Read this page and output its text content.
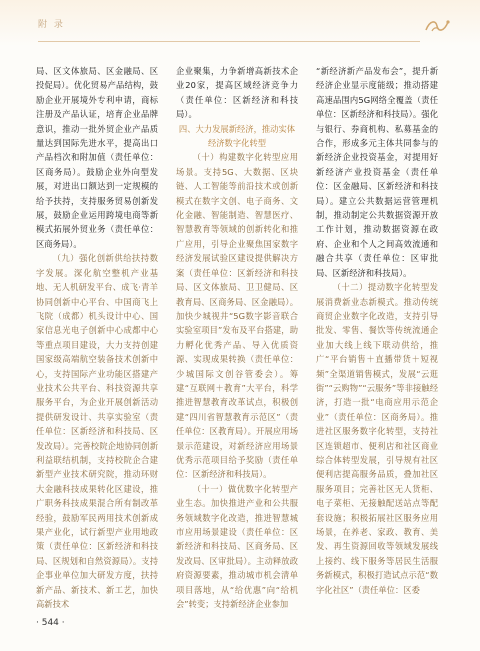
附 录

局、区文体旅局、区金融局、区投促局）。优化贸易产品结构，鼓励企业开展境外专利申请，商标注册及产品认证，培育企业品牌意识，推动一批外贸企业产品质量达到国际先进水平，提高出口产品档次和附加值（责任单位：区商务局）。鼓励企业外向型发展，对进出口额达到一定规模的给予扶持，支持服务贸易创新发展，鼓励企业运用跨境电商等新模式拓展外贸业务（责任单位：区商务局）。

（九）强化创新供给扶持数字发展。深化航空整机产业基地、无人机研发平台、成飞·青羊协同创新中心平台、中国商飞上飞院（成都）机头设计中心、国家信息光电子创新中心成都中心等重点项目建设，大力支持创建国家级高端航空装备技术创新中心，支持国际产业功能区搭建产业技术公共平台、科技资源共享服务平台，为企业开展创新活动提供研发设计、共享实验室（责任单位：区新经济和科技局、区发改局）。完善校院企地协同创新利益联结机制，支持校院企合建新型产业技术研究院，推动环财大金融科技成果转化区建设，推广职务科技成果混合所有制改革经验，鼓励军民两用技术创新成果产业化，试行新型产业用地政策（责任单位：区新经济和科技局、区规划和自然资源局）。支持企事业单位加大研发方度，扶持新产品、新技术、新工艺，加快高新技术

企业聚集，力争新增高新技术企业20家，提高区域经济竞争力（责任单位：区新经济和科技局）。

四、大力发展新经济，推动实体经济数字化转型

（十）构建数字化转型应用场景。支持5G、大数据、区块链、人工智能等前沿技术或创新模式在数字文创、电子商务、文化金融、智能制造、智慧医疗、智慧教育等领域的创新转化和推广应用，引导企业聚焦国家数字经济发展试验区建设提供解决方案（责任单位：区新经济和科技局、区文体旅局、卫卫健局、区教育局、区商务局、区金融局）。加快少城视井“5G数字影音联合实验室项目”发布及平台搭建，助力孵化优秀产品、导入优质资源、实现成果转换（责任单位：少城国际文创谷管委会）。筹建“互联网＋教育”大平台，科学推进智慧教育改革试点，积极创建“四川省智慧教育示范区”（责任单位：区教育局）。开展应用场景示范建设，对新经济应用场景优秀示范项目给予奖励（责任单位：区新经济和科技局）。

（十一）做优数字化转型产业生态。加快推进产业和公共服务领域数字化改造，推进智慧城市应用场景建设（责任单位：区新经济和科技局、区商务局、区发改局、区审批局）。主动释放政府资源要素，推动城市机会清单项目落地，从“给优惠”向“给机会”转变；支持新经济企业参加

“新经济新产品发布会”，提升新经济企业显示度能级；推动搭建高速品围内5G网络全覆盖（责任单位：区新经济和科技局）。强化与银行、券商机构、私募基金的合作，形成多元主体共同参与的新经济企业投资基金，对提用好新经济产业投资基金（责任单位：区金融局、区新经济和科技局）。建立公共数据运营管理机制，推动制定公共数据资源开放工作计划，推动数据资源在政府、企业和个人之间高效流通和融合共享（责任单位：区审批局、区新经济和科技局）。

（十二）提动数字化转型发展消费新业态新模式。推动传统商贸企业数字化改造，支持引导批发、零售、餐饮等传统流通企业加大线上线下联动供给，推广“平台销售＋直播带货＋短视频”全渠道销售模式，发展“云逛街”“云购物”“云服务”等非接触经济，打造一批“电商应用示范企业”（责任单位：区商务局）。推进社区服务数字化转型，支持社区连锁超市、便利店和社区商业综合体转型发展，引导规有社区便利店提高服务品质，叠加社区服务项目；完善社区无人货柜、电子菜柜、无接触配送站点等配套设施；积极拓展社区服务应用场景，在养老、家政、教育、美发、再生资源回收等领域发展线上接约、线下服务等居民生活服务新模式，积极打造试点示范“数字化社区”（责任单位：区委

· 544 ·
